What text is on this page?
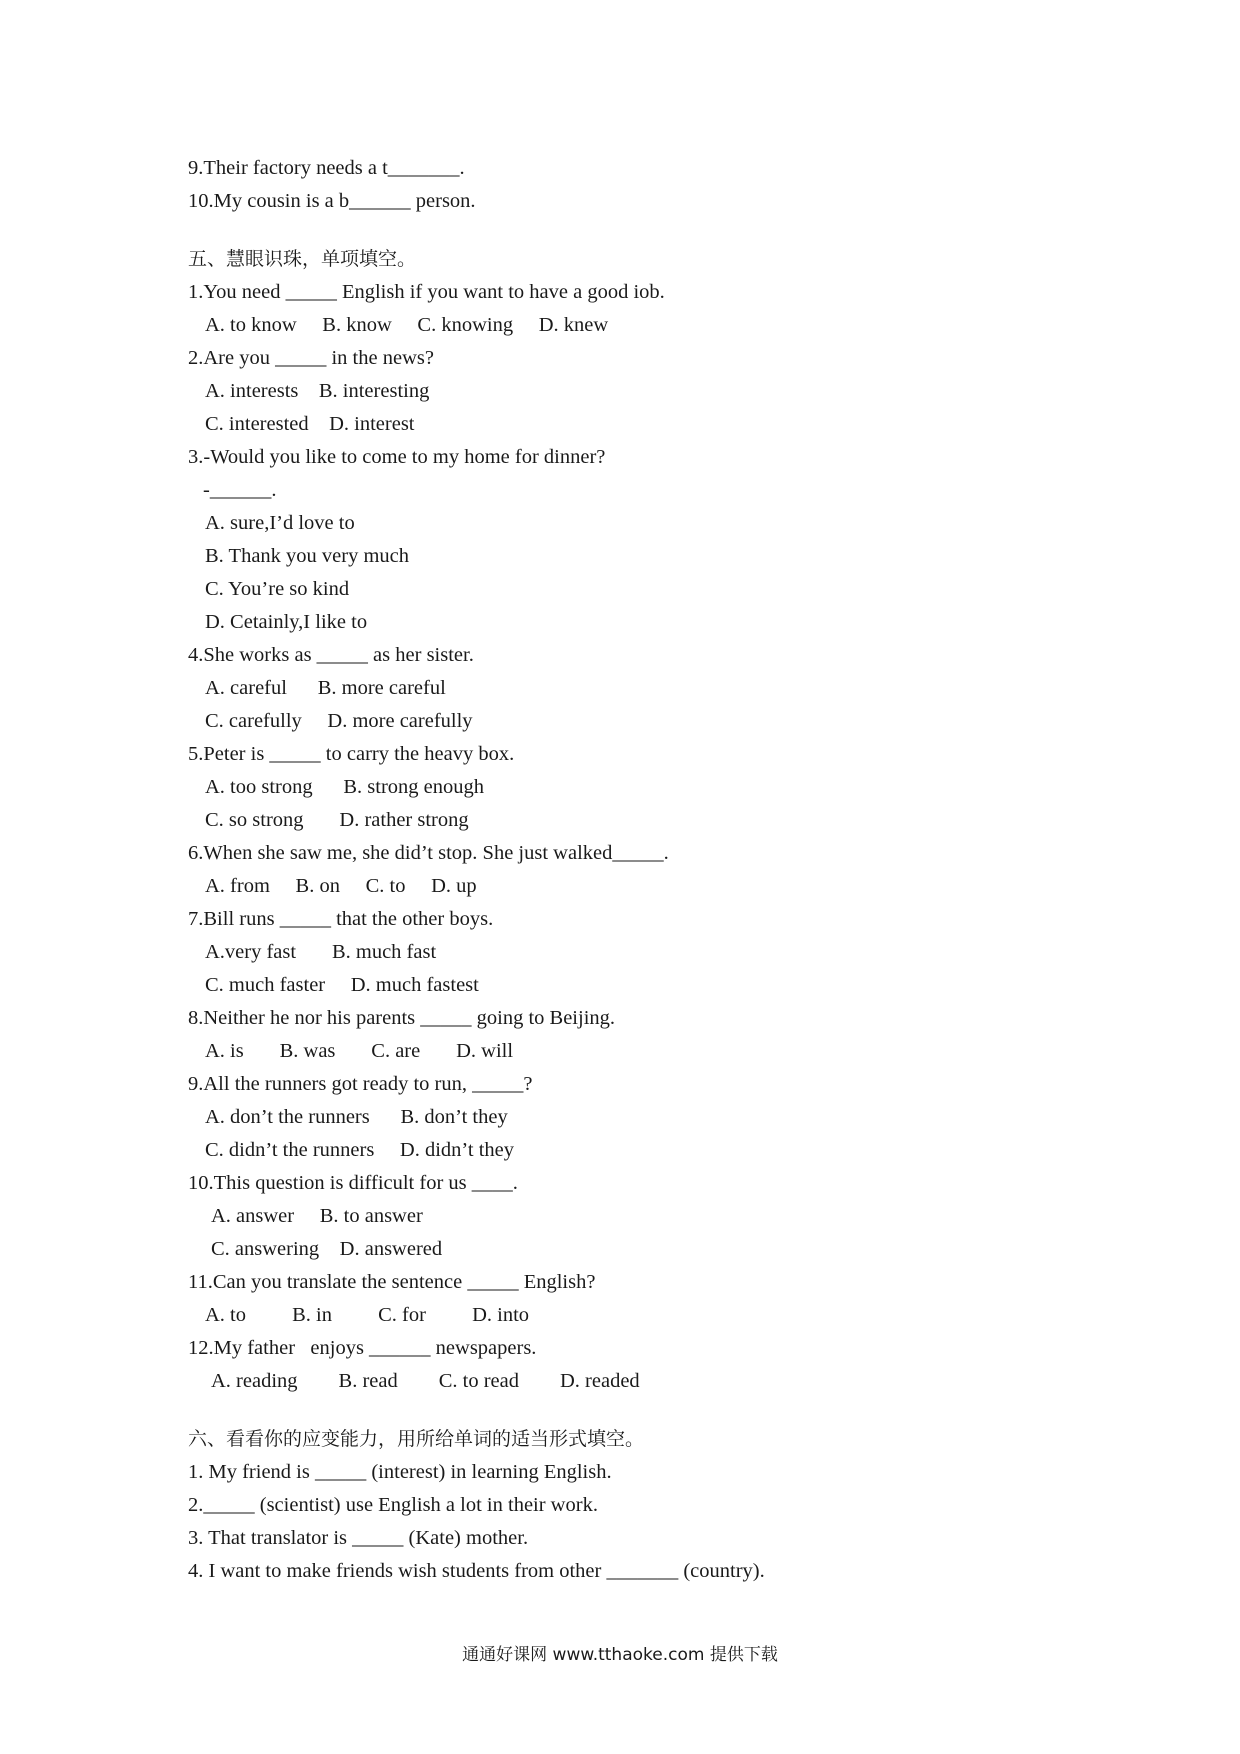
9.Their factory needs a t_______.
10.My cousin is a b______ person.
五、慧眼识珠，单项填空。
1.You need _____ English if you want to have a good iob.
A. to know     B. know     C. knowing     D. knew
2.Are you _____ in the news?
A. interests    B. interesting
C. interested    D. interest
3.-Would you like to come to my home for dinner?
-______.
A. sure,I’d love to
B. Thank you very much
C. You’re so kind
D. Cetainly,I like to
4.She works as _____ as her sister.
A. careful      B. more careful
C. carefully     D. more carefully
5.Peter is _____ to carry the heavy box.
A. too strong      B. strong enough
C. so strong       D. rather strong
6.When she saw me, she did’t stop. She just walked_____.
A. from     B. on     C. to     D. up
7.Bill runs _____ that the other boys.
A.very fast       B. much fast
C. much faster     D. much fastest
8.Neither he nor his parents _____ going to Beijing.
A. is       B. was       C. are       D. will
9.All the runners got ready to run, _____?
A. don’t the runners      B. don’t they
C. didn’t the runners     D. didn’t they
10.This question is difficult for us ____.
A. answer     B. to answer
C. answering    D. answered
11.Can you translate the sentence _____ English?
A. to         B. in         C. for         D. into
12.My father   enjoys ______ newspapers.
A. reading        B. read        C. to read        D. readed
六、看看你的应变能力，用所给单词的适当形式填空。
1. My friend is _____ (interest) in learning English.
2._____ (scientist) use English a lot in their work.
3. That translator is _____ (Kate) mother.
4. I want to make friends wish students from other _______ (country).
通通好课网 www.tthaoke.com 提供下载
